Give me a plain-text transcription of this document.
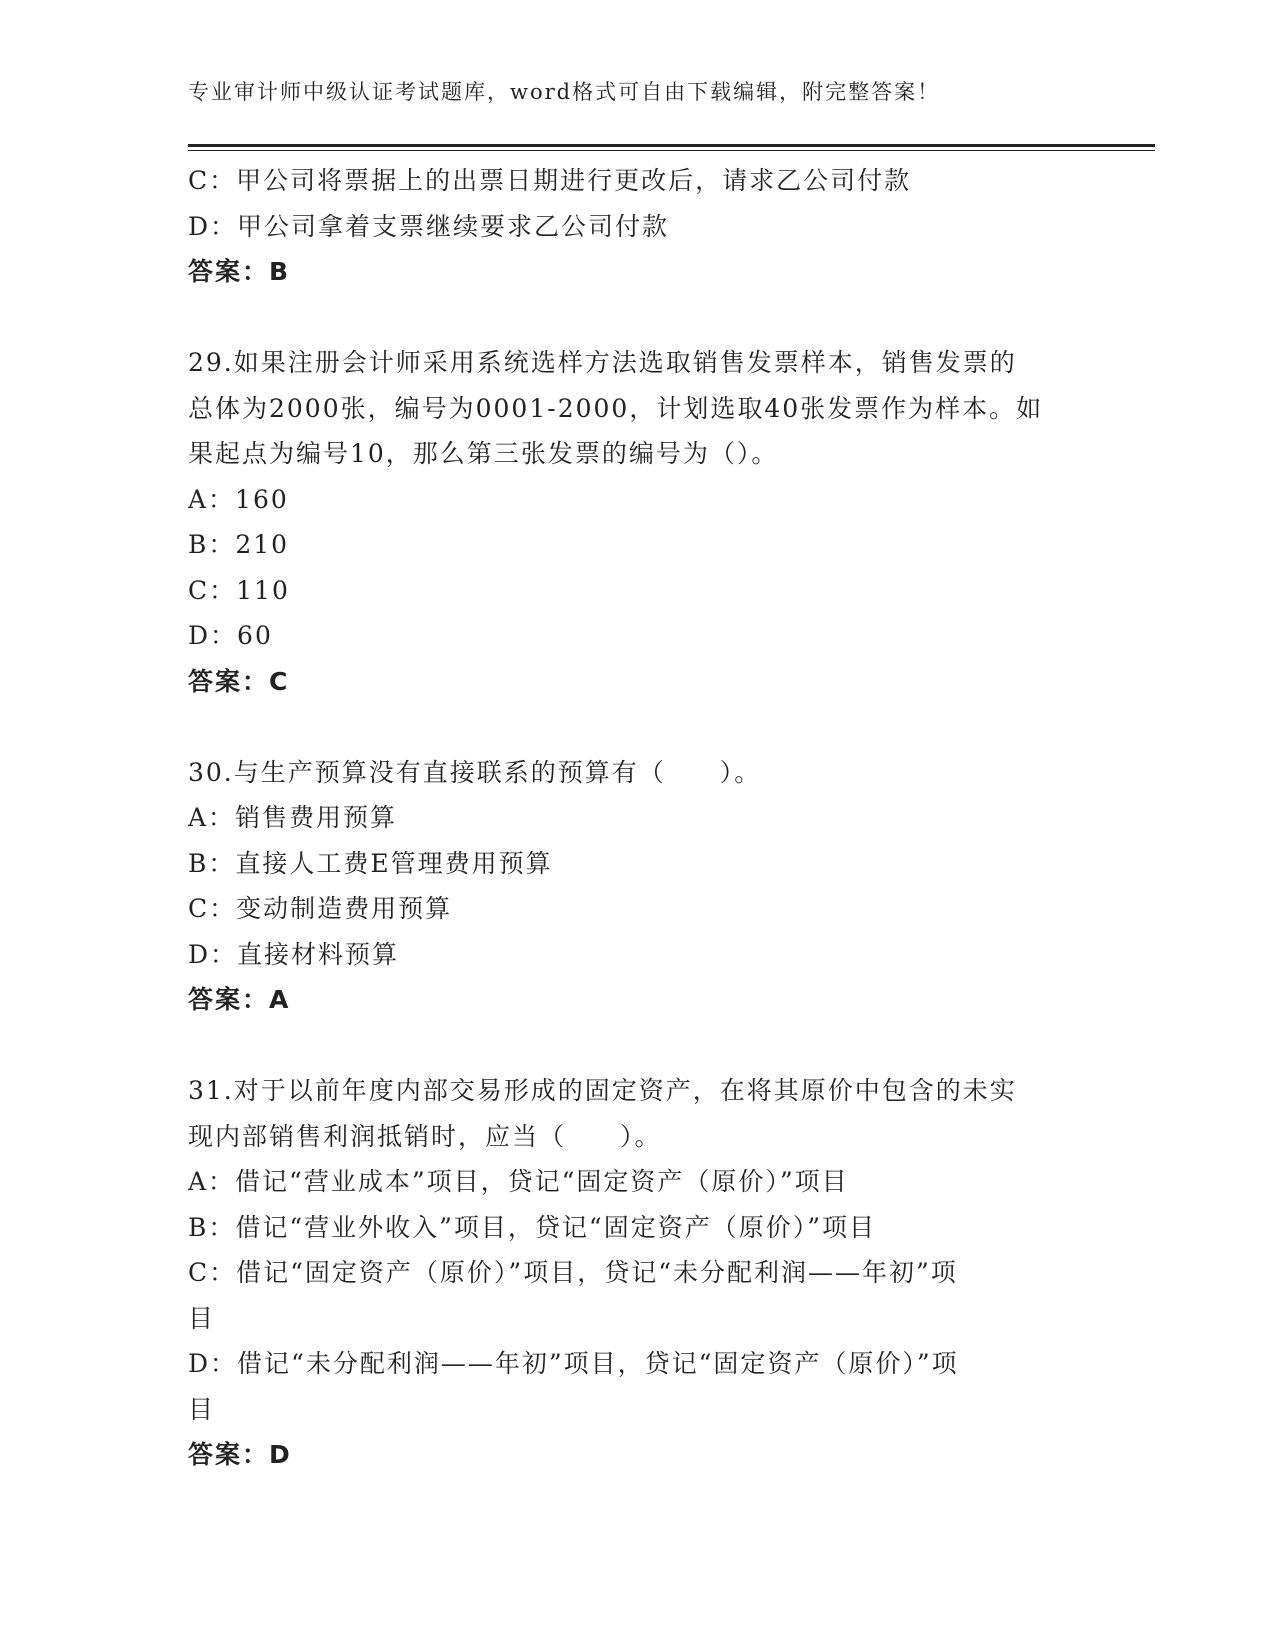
专业审计师中级认证考试题库，word格式可自由下载编辑，附完整答案！
C：甲公司将票据上的出票日期进行更改后，请求乙公司付款
D：甲公司拿着支票继续要求乙公司付款
答案：B
29.如果注册会计师采用系统选样方法选取销售发票样本，销售发票的
总体为2000张，编号为0001-2000，计划选取40张发票作为样本。如
果起点为编号10，那么第三张发票的编号为（）。
A：160
B：210
C：110
D：60
答案：C
30.与生产预算没有直接联系的预算有（　　）。
A：销售费用预算
B：直接人工费E管理费用预算
C：变动制造费用预算
D：直接材料预算
答案：A
31.对于以前年度内部交易形成的固定资产，在将其原价中包含的未实
现内部销售利润抵销时，应当（　　）。
A：借记“营业成本”项目，贷记“固定资产（原价）”项目
B：借记“营业外收入”项目，贷记“固定资产（原价）”项目
C：借记“固定资产（原价）”项目，贷记“未分配利润——年初”项
目
D：借记“未分配利润——年初”项目，贷记“固定资产（原价）”项
目
答案：D
